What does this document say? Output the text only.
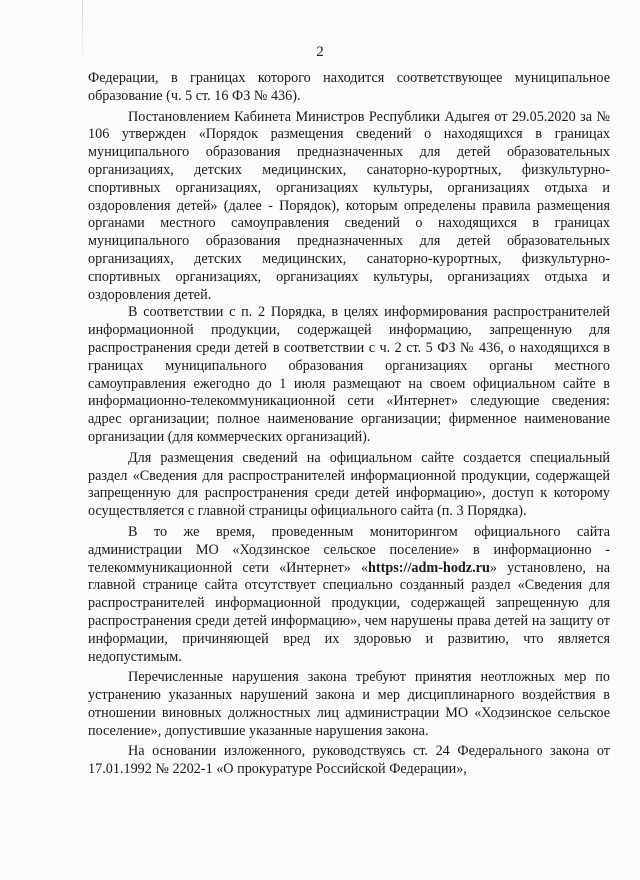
2

Федерации, в границах которого находится соответствующее муниципальное образование (ч. 5 ст. 16 ФЗ № 436).

Постановлением Кабинета Министров Республики Адыгея от 29.05.2020 за № 106 утвержден «Порядок размещения сведений о находящихся в границах муниципального образования предназначенных для детей образовательных организациях, детских медицинских, санаторно-курортных, физкультурно-спортивных организациях, организациях культуры, организациях отдыха и оздоровления детей» (далее - Порядок), которым определены правила размещения органами местного самоуправления сведений о находящихся в границах муниципального образования предназначенных для детей образовательных организациях, детских медицинских, санаторно-курортных, физкультурно-спортивных организациях, организациях культуры, организациях отдыха и оздоровления детей.

В соответствии с п. 2 Порядка, в целях информирования распространителей информационной продукции, содержащей информацию, запрещенную для распространения среди детей в соответствии с ч. 2 ст. 5 ФЗ № 436, о находящихся в границах муниципального образования организациях органы местного самоуправления ежегодно до 1 июля размещают на своем официальном сайте в информационно-телекоммуникационной сети «Интернет» следующие сведения: адрес организации; полное наименование организации; фирменное наименование организации (для коммерческих организаций).

Для размещения сведений на официальном сайте создается специальный раздел «Сведения для распространителей информационной продукции, содержащей запрещенную для распространения среди детей информацию», доступ к которому осуществляется с главной страницы официального сайта (п. 3 Порядка).

В то же время, проведенным мониторингом официального сайта администрации МО «Ходзинское сельское поселение» в информационно - телекоммуникационной сети «Интернет» «https://adm-hodz.ru» установлено, на главной странице сайта отсутствует специально созданный раздел «Сведения для распространителей информационной продукции, содержащей запрещенную для распространения среди детей информацию», чем нарушены права детей на защиту от информации, причиняющей вред их здоровью и развитию, что является недопустимым.

Перечисленные нарушения закона требуют принятия неотложных мер по устранению указанных нарушений закона и мер дисциплинарного воздействия в отношении виновных должностных лиц администрации МО «Ходзинское сельское поселение», допустившие указанные нарушения закона.

На основании изложенного, руководствуясь ст. 24 Федерального закона от 17.01.1992 № 2202-1 «О прокуратуре Российской Федерации»,
